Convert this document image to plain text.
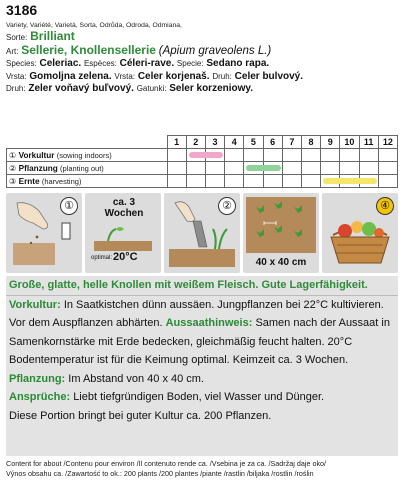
3186
Variety, Variété, Varietà, Sorta, Odrůda, Odroda, Odmiana,
Sorte: Brilliant
Art: Sellerie, Knollensellerie (Apium graveolens L.)
Species: Celeriac. Espèces: Céleri-rave. Specie: Sedano rapa.
Vrsta: Gomoljna zelena. Vrsta: Celer korjenaš. Druh: Celer bulvový.
Druh: Zeler voňavý buľvový. Gatunki: Seler korzeniowy.
	1	2	3	4	5	6	7	8	9	10	11	12
① Vorkultur (sowing indoors)		

② Pflanzung (planting out)					

③ Ernte (harvesting)									

①	ca. 3 Wochen
optimal: 20°C
②
40 x 40 cm
④

Große, glatte, helle Knollen mit weißem Fleisch. Gute Lagerfähigkeit.

Vorkultur: In Saatkistchen dünn aussäen. Jungpflanzen bei 22°C kultivieren.

Vor dem Auspflanzen abhärten. Aussaathinweis: Samen nach der Aussaat in

Samenkornstärke mit Erde bedecken, gleichmäßig feucht halten. 20°C

Bodentemperatur ist für die Keimung optimal. Keimzeit ca. 3 Wochen.

Pflanzung: Im Abstand von 40 x 40 cm.

Ansprüche: Liebt tiefgründigen Boden, viel Wasser und Dünger.

Diese Portion bringt bei guter Kultur ca. 200 Pflanzen.

Content for about /Contenu pour environ /Il contenuto rende ca. /Vsebina je za ca. /Sadržaj daje oko/
Výnos obsahu ca. /Zawartość to ok.: 200 plants /200 plantes /piante /rastlin /biljaka /rostlin /roślin
